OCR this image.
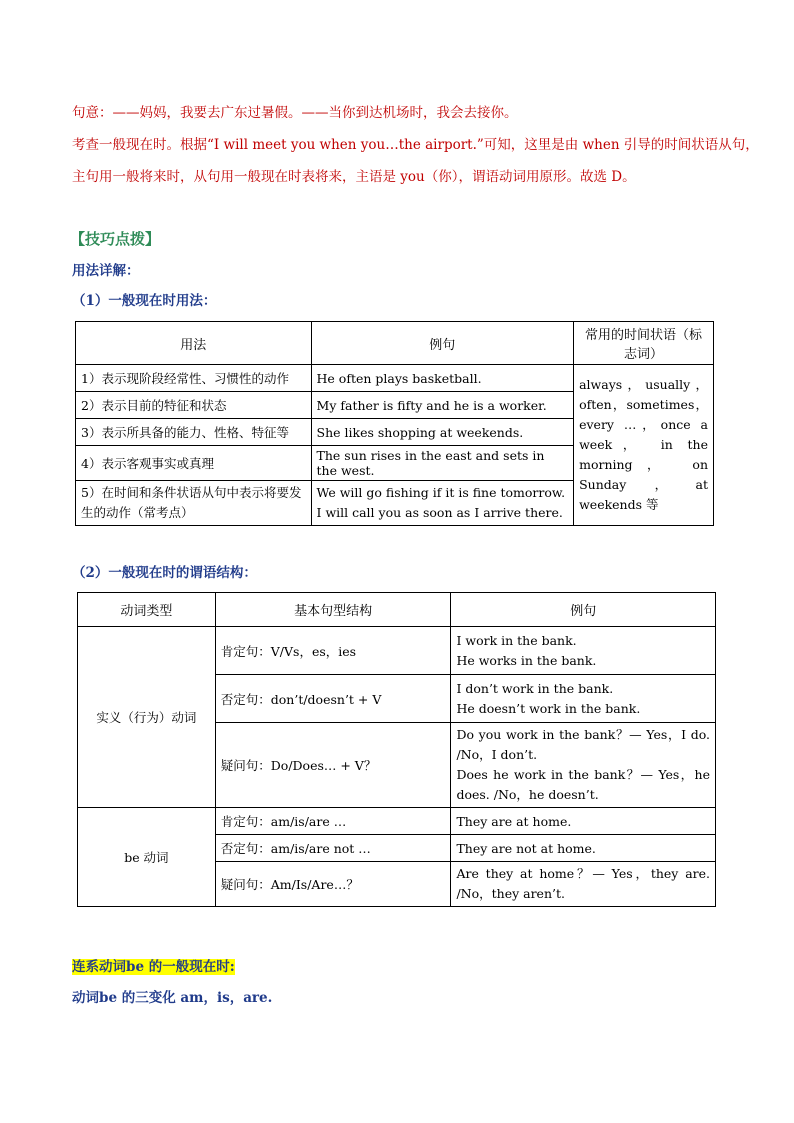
句意：——妈妈，我要去广东过暑假。——当你到达机场时，我会去接你。
考查一般现在时。根据“I will meet you when you…the airport.”可知，这里是由 when 引导的时间状语从句，
主句用一般将来时，从句用一般现在时表将来，主语是 you（你），谓语动词用原形。故选 D。
【技巧点拨】
用法详解：
（1）一般现在时用法：
用法	例句	常用的时间状语（标志词）
1）表示现阶段经常性、习惯性的动作	He often plays basketball.	always，usually，often，sometimes， every …，once a week， in the morning， on Sunday，at weekends 等
2）表示目前的特征和状态	My father is fifty and he is a worker.	
3）表示所具备的能力、性格、特征等	She likes shopping at weekends.	
4）表示客观事实或真理	The sun rises in the east and sets in the west.	
5）在时间和条件状语从句中表示将要发生的动作（常考点）	We will go fishing if it is fine tomorrow.
I will call you as soon as I arrive there.	
（2）一般现在时的谓语结构：
动词类型	基本句型结构	例句
实义（行为）动词	肯定句：V/Vs，es，ies	I work in the bank.
He works in the bank.

	否定句：don’t/doesn’t + V	I don’t work in the bank.
He doesn’t work in the bank.

	疑问句：Do/Does… + V？	Do you work in the bank？— Yes，I do. /No，I don’t.
Does he work in the bank？— Yes，he does. /No，he doesn’t.

be 动词	肯定句：am/is/are …	They are at home.
	否定句：am/is/are not …	They are not at home.
	疑问句：Am/Is/Are…？	Are they at home？— Yes，they are. /No，they aren’t.
连系动词be 的一般现在时:
动词be 的三变化 am，is，are.
